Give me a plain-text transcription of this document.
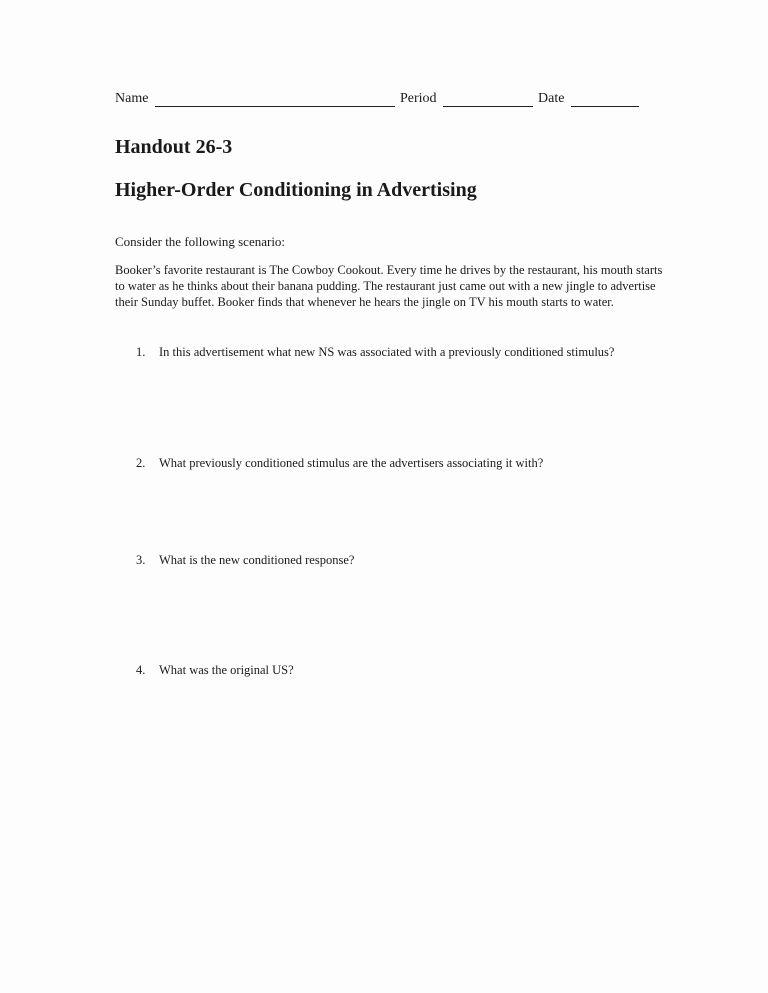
Name	Period	Date
Handout 26-3
Higher-Order Conditioning in Advertising

Consider the following scenario:

Booker’s favorite restaurant is The Cowboy Cookout. Every time he drives by the restaurant, his mouth starts to water as he thinks about their banana pudding. The restaurant just came out with a new jingle to advertise their Sunday buffet. Booker finds that whenever he hears the jingle on TV his mouth starts to water.

1. In this advertisement what new NS was associated with a previously conditioned stimulus?
2. What previously conditioned stimulus are the advertisers associating it with?
3. What is the new conditioned response?
4. What was the original US?
